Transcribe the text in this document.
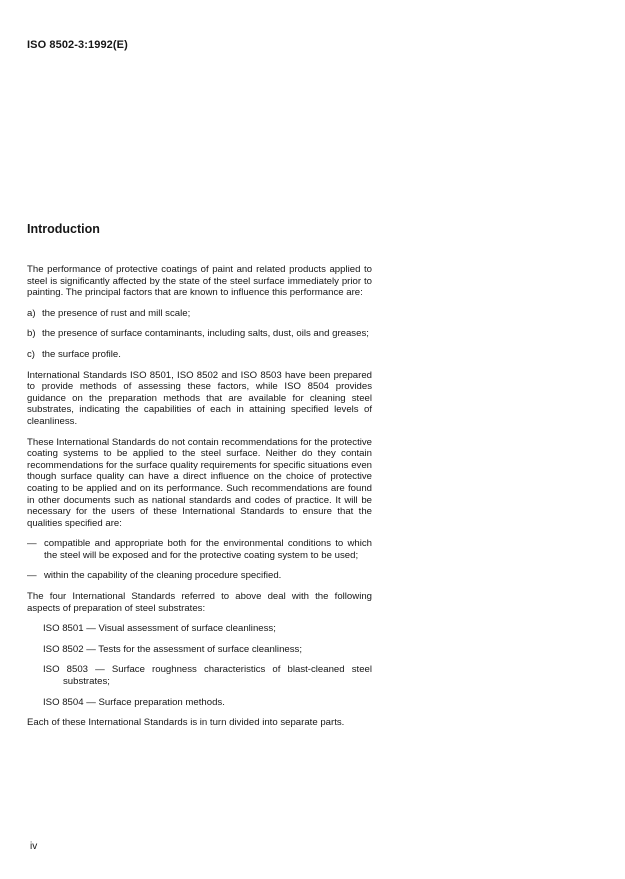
ISO 8502-3:1992(E)
Introduction

The performance of protective coatings of paint and related products applied to steel is significantly affected by the state of the steel surface immediately prior to painting. The principal factors that are known to influence this performance are:

a) the presence of rust and mill scale;
b) the presence of surface contaminants, including salts, dust, oils and greases;
c) the surface profile.

International Standards ISO 8501, ISO 8502 and ISO 8503 have been prepared to provide methods of assessing these factors, while ISO 8504 provides guidance on the preparation methods that are available for cleaning steel substrates, indicating the capabilities of each in attaining specified levels of cleanliness.

These International Standards do not contain recommendations for the protective coating systems to be applied to the steel surface. Neither do they contain recommendations for the surface quality requirements for specific situations even though surface quality can have a direct influence on the choice of protective coating to be applied and on its performance. Such recommendations are found in other documents such as national standards and codes of practice. It will be necessary for the users of these International Standards to ensure that the qualities specified are:

— compatible and appropriate both for the environmental conditions to which the steel will be exposed and for the protective coating system to be used;
— within the capability of the cleaning procedure specified.

The four International Standards referred to above deal with the following aspects of preparation of steel substrates:

ISO 8501 — Visual assessment of surface cleanliness;
ISO 8502 — Tests for the assessment of surface cleanliness;
ISO 8503 — Surface roughness characteristics of blast-cleaned steel substrates;
ISO 8504 — Surface preparation methods.

Each of these International Standards is in turn divided into separate parts.

iv
